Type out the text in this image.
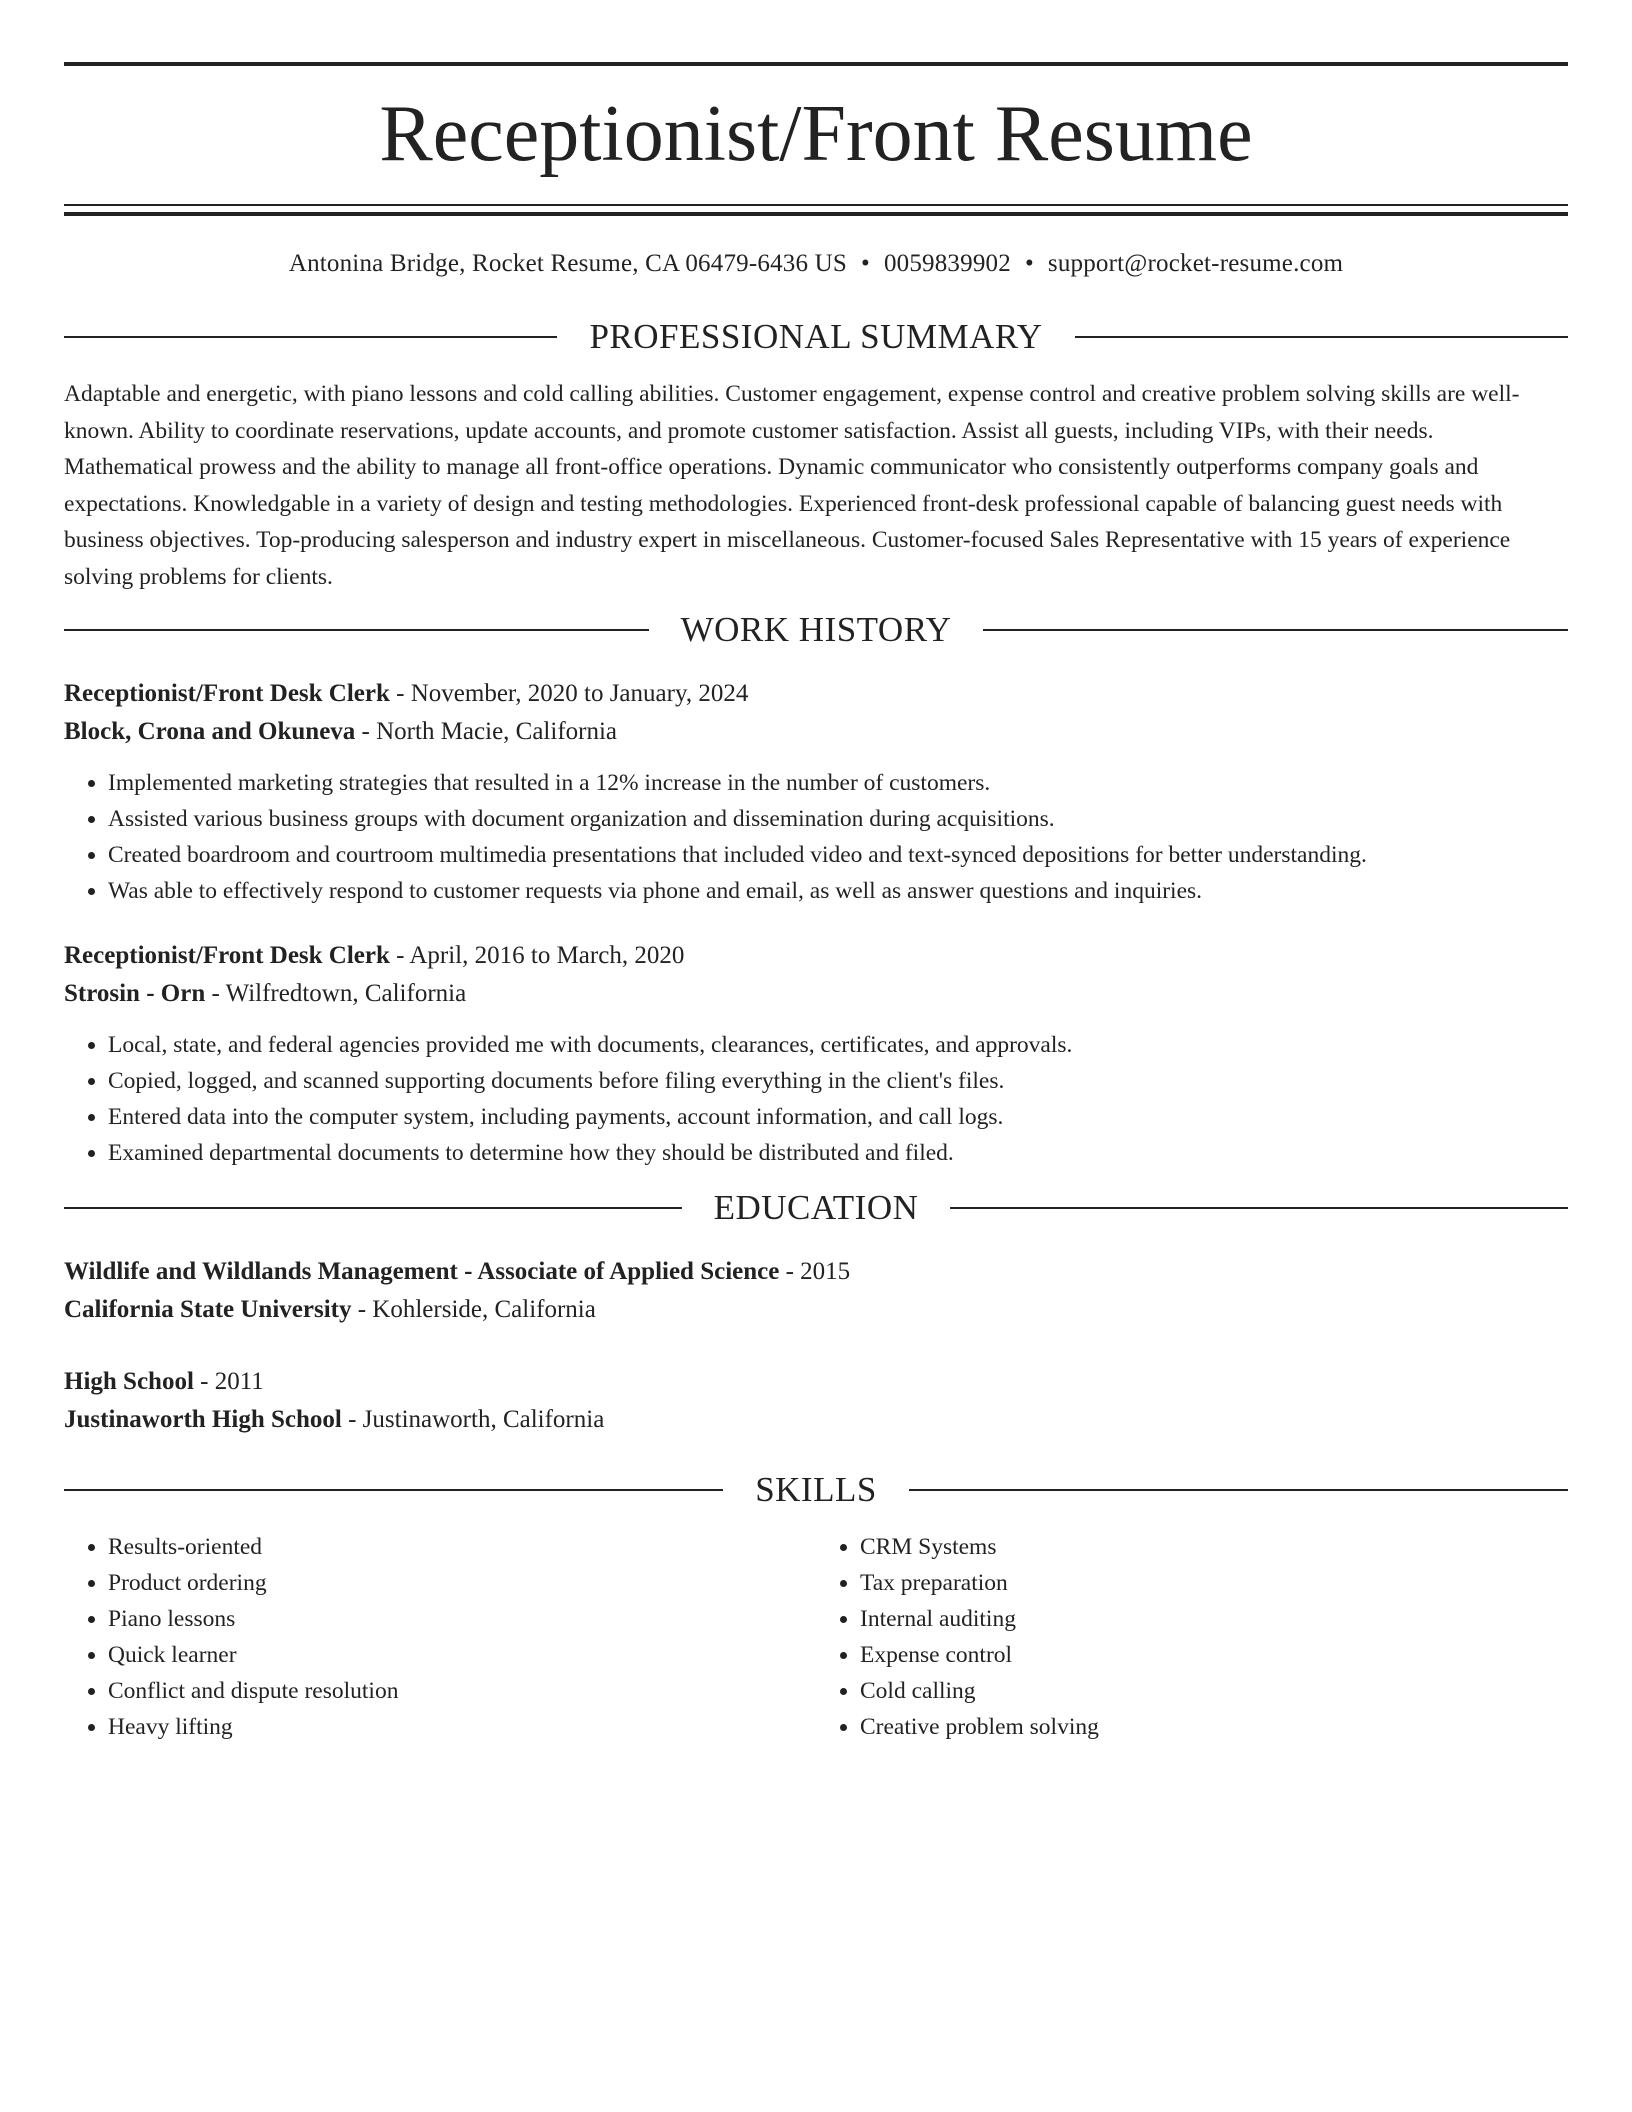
Receptionist/Front Resume
Antonina Bridge, Rocket Resume, CA 06479-6436 US • 0059839902 • support@rocket-resume.com
PROFESSIONAL SUMMARY

Adaptable and energetic, with piano lessons and cold calling abilities. Customer engagement, expense control and creative problem solving skills are well-known. Ability to coordinate reservations, update accounts, and promote customer satisfaction. Assist all guests, including VIPs, with their needs. Mathematical prowess and the ability to manage all front-office operations. Dynamic communicator who consistently outperforms company goals and expectations. Knowledgable in a variety of design and testing methodologies. Experienced front-desk professional capable of balancing guest needs with business objectives. Top-producing salesperson and industry expert in miscellaneous. Customer-focused Sales Representative with 15 years of experience solving problems for clients.

WORK HISTORY
Receptionist/Front Desk Clerk - November, 2020 to January, 2024
Block, Crona and Okuneva - North Macie, California
• Implemented marketing strategies that resulted in a 12% increase in the number of customers.
• Assisted various business groups with document organization and dissemination during acquisitions.
• Created boardroom and courtroom multimedia presentations that included video and text-synced depositions for better understanding.
• Was able to effectively respond to customer requests via phone and email, as well as answer questions and inquiries.
Receptionist/Front Desk Clerk - April, 2016 to March, 2020
Strosin - Orn - Wilfredtown, California
• Local, state, and federal agencies provided me with documents, clearances, certificates, and approvals.
• Copied, logged, and scanned supporting documents before filing everything in the client's files.
• Entered data into the computer system, including payments, account information, and call logs.
• Examined departmental documents to determine how they should be distributed and filed.
EDUCATION
Wildlife and Wildlands Management - Associate of Applied Science - 2015
California State University - Kohlerside, California
High School - 2011
Justinaworth High School - Justinaworth, California
SKILLS
• Results-oriented
• Product ordering
• Piano lessons
• Quick learner
• Conflict and dispute resolution
• Heavy lifting
• CRM Systems
• Tax preparation
• Internal auditing
• Expense control
• Cold calling
• Creative problem solving
